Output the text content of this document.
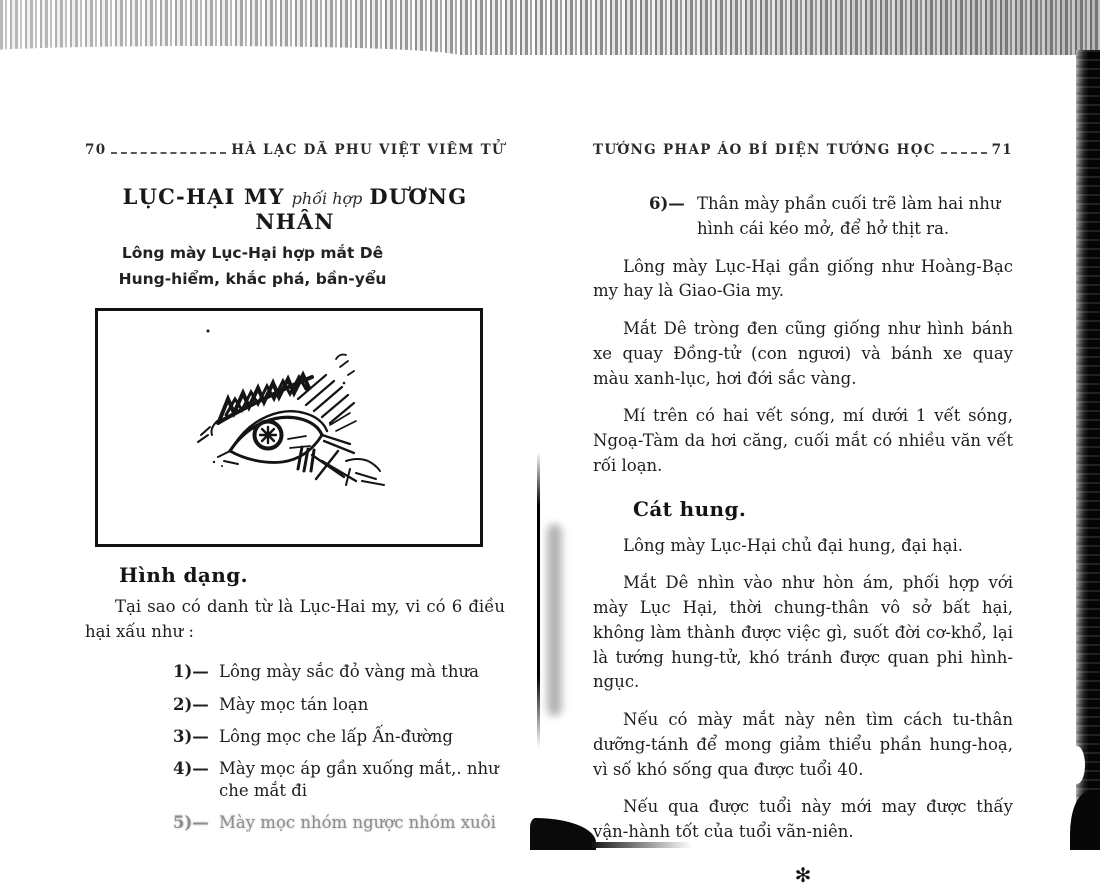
70	HÀ LẠC DÃ PHU VIỆT VIÊM TỬ
LỤC-HẠI MY phối hợp DƯƠNG NHÂN
Lông mày Lục-Hại hợp mắt Dê
Hung-hiểm, khắc phá, bần-yểu
Hình dạng.

Tại sao có danh từ là Lục-Hai my, vi có 6 điều hại xấu như :

1)— Lông mày sắc đỏ vàng mà thưa
2)— Mày mọc tán loạn
3)— Lông mọc che lấp Ấn-đường
4)— Mày mọc áp gần xuống mắt,. như che mắt đi
5)— Mày mọc nhóm ngược nhóm xuôi
TƯỚNG PHAP ÁO BÍ DIỆN TƯỚNG HỌC	71
6)— Thân mày phần cuối trẽ làm hai như hình cái kéo mở, để hở thịt ra.

Lông mày Lục-Hại gần giống như Hoàng-Bạc my hay là Giao-Gia my.

Mắt Dê tròng đen cũng giống như hình bánh xe quay Đồng-tử (con ngươi) và bánh xe quay màu xanh-lục, hơi đới sắc vàng.

Mí trên có hai vết sóng, mí dưới 1 vết sóng, Ngoạ-Tàm da hơi căng, cuối mắt có nhiều văn vết rối loạn.

Cát hung.

Lông mày Lục-Hại chủ đại hung, đại hại.

Mắt Dê nhìn vào như hòn ám, phối hợp với mày Lục Hại, thời chung-thân vô sở bất hại, không làm thành được việc gì, suốt đời cơ-khổ, lại là tướng hung-tử, khó tránh được quan phi hình-ngục.

Nếu có mày mắt này nên tìm cách tu-thân dưỡng-tánh để mong giảm thiểu phần hung-hoạ, vì số khó sống qua được tuổi 40.

Nếu qua được tuổi này mới may được thấy vận-hành tốt của tuổi vãn-niên.

✻
